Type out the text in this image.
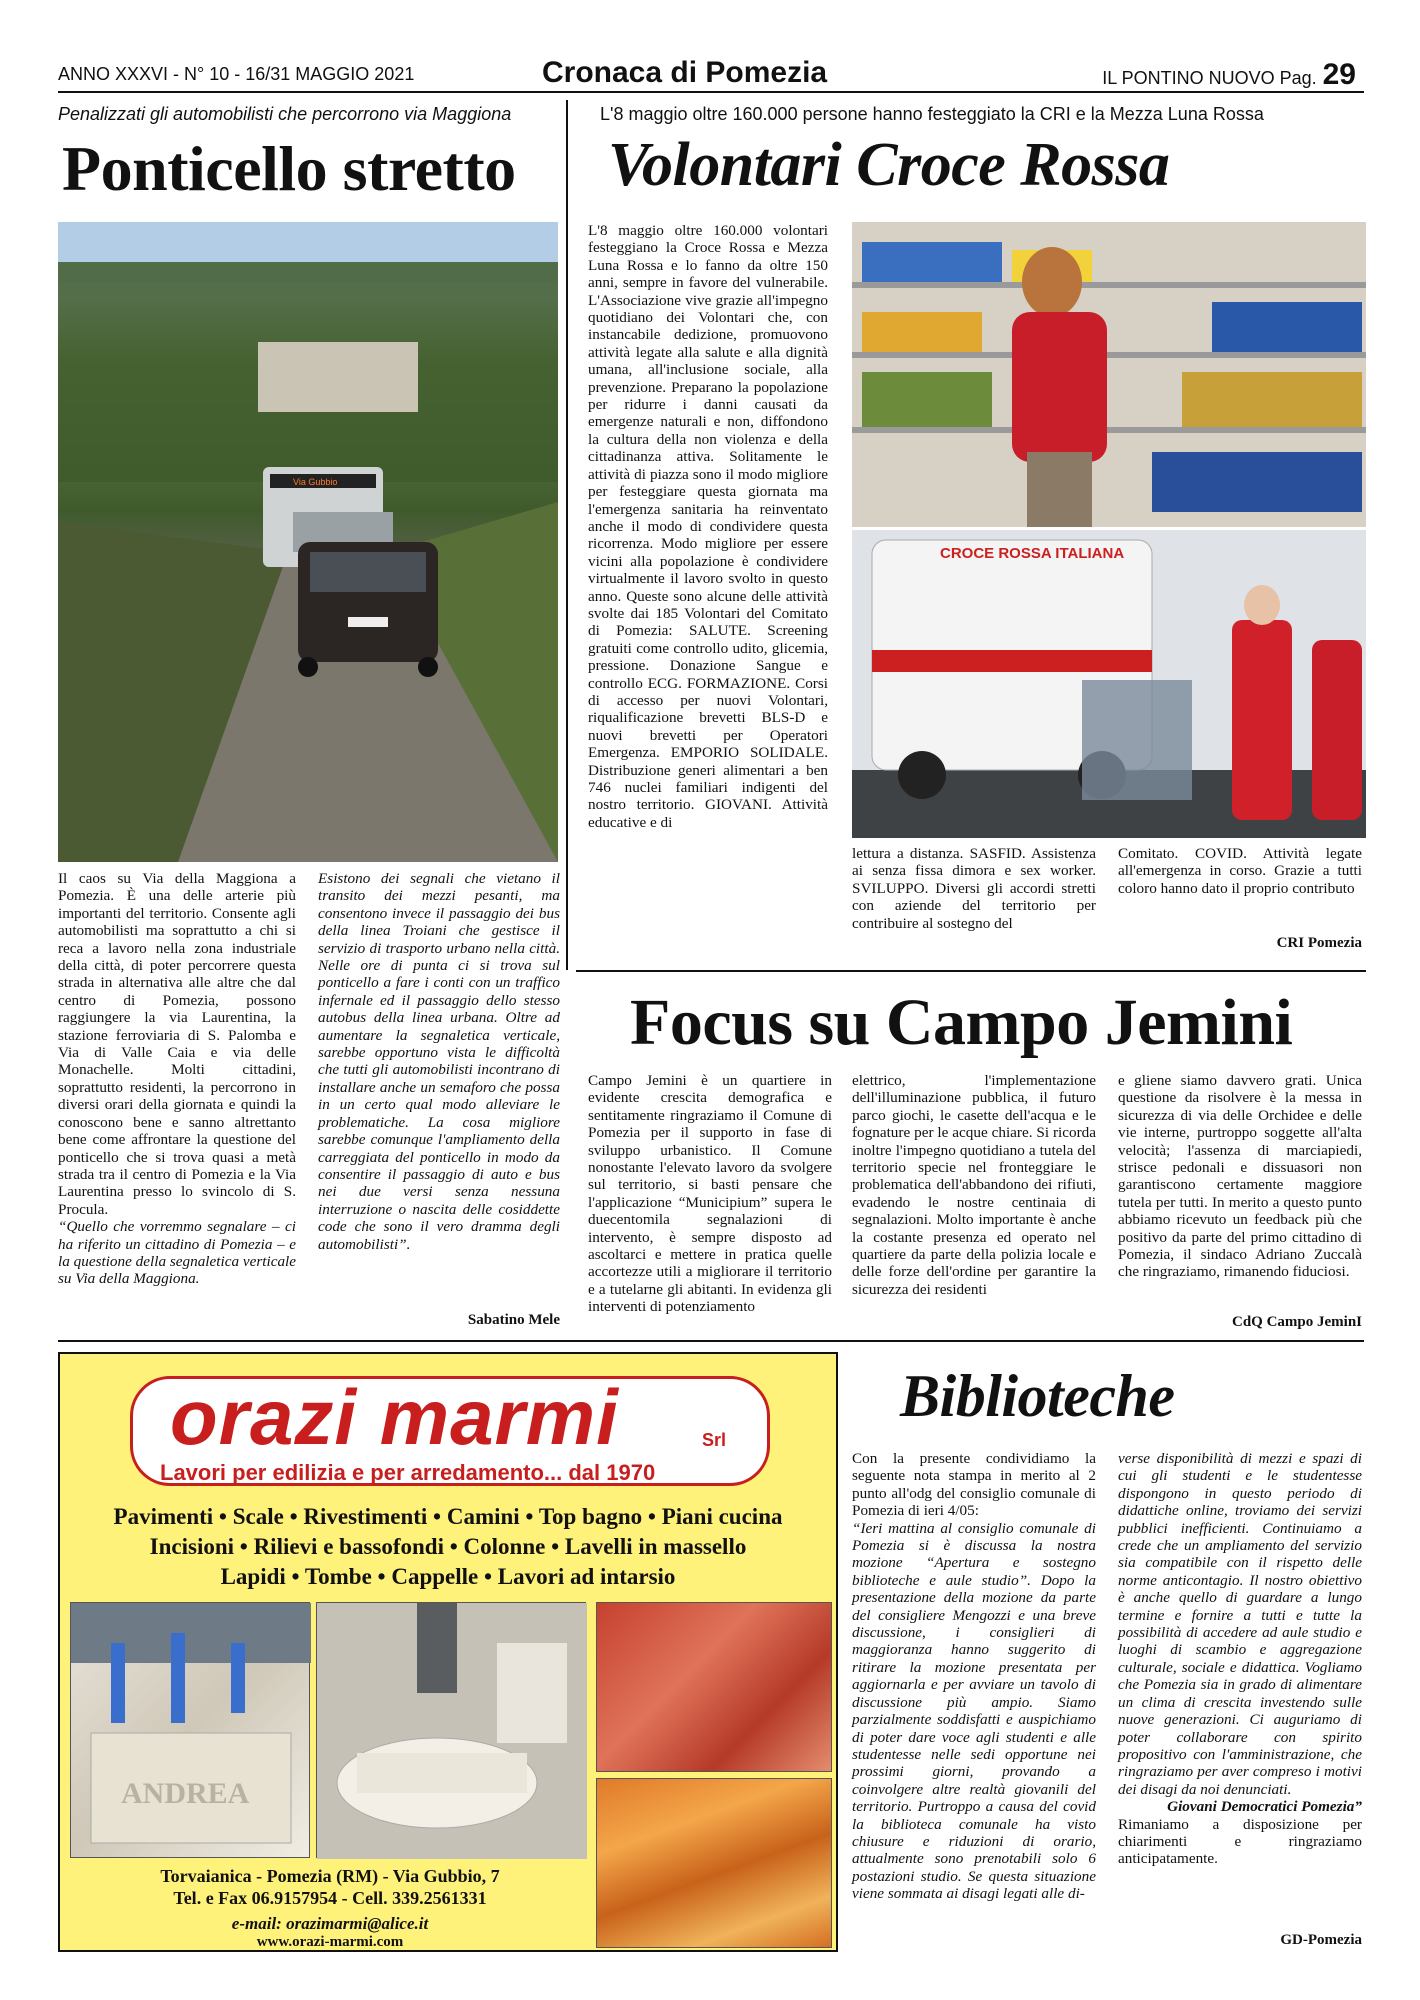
ANNO XXXVI - N° 10 - 16/31 MAGGIO 2021	Cronaca di Pomezia	IL PONTINO NUOVO Pag. 29
Penalizzati gli automobilisti che percorrono via Maggiona
Ponticello stretto
Via Gubbio

Il caos su Via della Maggiona a Pomezia. È una delle arterie più importanti del territorio. Consente agli automobilisti ma soprattutto a chi si reca a lavoro nella zona industriale della città, di poter percorrere questa strada in alternativa alle altre che dal centro di Pomezia, possono raggiungere la via Laurentina, la stazione ferroviaria di S. Palomba e Via di Valle Caia e via delle Monachelle. Molti cittadini, soprattutto residenti, la percorrono in diversi orari della giornata e quindi la conoscono bene e sanno altrettanto bene come affrontare la questione del ponticello che si trova quasi a metà strada tra il centro di Pomezia e la Via Laurentina presso lo svincolo di S. Procula.

“Quello che vorremmo segnalare – ci ha riferito un cittadino di Pomezia – e la questione della segnaletica verticale su Via della Maggiona.

Esistono dei segnali che vietano il transito dei mezzi pesanti, ma consentono invece il passaggio dei bus della linea Troiani che gestisce il servizio di trasporto urbano nella città. Nelle ore di punta ci si trova sul ponticello a fare i conti con un traffico infernale ed il passaggio dello stesso autobus della linea urbana. Oltre ad aumentare la segnaletica verticale, sarebbe opportuno vista le difficoltà che tutti gli automobilisti incontrano di installare anche un semaforo che possa in un certo qual modo alleviare le problematiche. La cosa migliore sarebbe comunque l'ampliamento della carreggiata del ponticello in modo da consentire il passaggio di auto e bus nei due versi senza nessuna interruzione o nascita delle cosiddette code che sono il vero dramma degli automobilisti”.

Sabatino Mele
L'8 maggio oltre 160.000 persone hanno festeggiato la CRI e la Mezza Luna Rossa
Volontari Croce Rossa

L'8 maggio oltre 160.000 volontari festeggiano la Croce Rossa e Mezza Luna Rossa e lo fanno da oltre 150 anni, sempre in favore del vulnerabile. L'Associazione vive grazie all'impegno quotidiano dei Volontari che, con instancabile dedizione, promuovono attività legate alla salute e alla dignità umana, all'inclusione sociale, alla prevenzione. Preparano la popolazione per ridurre i danni causati da emergenze naturali e non, diffondono la cultura della non violenza e della cittadinanza attiva. Solitamente le attività di piazza sono il modo migliore per festeggiare questa giornata ma l'emergenza sanitaria ha reinventato anche il modo di condividere questa ricorrenza. Modo migliore per essere vicini alla popolazione è condividere virtualmente il lavoro svolto in questo anno. Queste sono alcune delle attività svolte dai 185 Volontari del Comitato di Pomezia: SALUTE. Screening gratuiti come controllo udito, glicemia, pressione. Donazione Sangue e controllo ECG. FORMAZIONE. Corsi di accesso per nuovi Volontari, riqualificazione brevetti BLS-D e nuovi brevetti per Operatori Emergenza. EMPORIO SOLIDALE. Distribuzione generi alimentari a ben 746 nuclei familiari indigenti del nostro territorio. GIOVANI. Attività educative e di

CROCE ROSSA ITALIANA

lettura a distanza. SASFID. Assistenza ai senza fissa dimora e sex worker. SVILUPPO. Diversi gli accordi stretti con aziende del territorio per contribuire al sostegno del

Comitato. COVID. Attività legate all'emergenza in corso. Grazie a tutti coloro hanno dato il proprio contributo

CRI Pomezia
Focus su Campo Jemini

Campo Jemini è un quartiere in evidente crescita demografica e sentitamente ringraziamo il Comune di Pomezia per il supporto in fase di sviluppo urbanistico. Il Comune nonostante l'elevato lavoro da svolgere sul territorio, si basti pensare che l'applicazione “Municipium” supera le duecentomila segnalazioni di intervento, è sempre disposto ad ascoltarci e mettere in pratica quelle accortezze utili a migliorare il territorio e a tutelarne gli abitanti. In evidenza gli interventi di potenziamento

elettrico, l'implementazione dell'illuminazione pubblica, il futuro parco giochi, le casette dell'acqua e le fognature per le acque chiare. Si ricorda inoltre l'impegno quotidiano a tutela del territorio specie nel fronteggiare le problematica dell'abbandono dei rifiuti, evadendo le nostre centinaia di segnalazioni. Molto importante è anche la costante presenza ed operato nel quartiere da parte della polizia locale e delle forze dell'ordine per garantire la sicurezza dei residenti

e gliene siamo davvero grati. Unica questione da risolvere è la messa in sicurezza di via delle Orchidee e delle vie interne, purtroppo soggette all'alta velocità; l'assenza di marciapiedi, strisce pedonali e dissuasori non garantiscono certamente maggiore tutela per tutti. In merito a questo punto abbiamo ricevuto un feedback più che positivo da parte del primo cittadino di Pomezia, il sindaco Adriano Zuccalà che ringraziamo, rimanendo fiduciosi.

CdQ Campo JeminI
orazi marmi	Srl
Lavori per edilizia e per arredamento... dal 1970
Pavimenti • Scale • Rivestimenti • Camini • Top bagno • Piani cucina
Incisioni • Rilievi e bassofondi • Colonne • Lavelli in massello
Lapidi • Tombe • Cappelle • Lavori ad intarsio
ANDREA
Torvaianica - Pomezia (RM) - Via Gubbio, 7
Tel. e Fax 06.9157954 - Cell. 339.2561331
e-mail: orazimarmi@alice.it
www.orazi-marmi.com
Biblioteche

Con la presente condividiamo la seguente nota stampa in merito al 2 punto all'odg del consiglio comunale di Pomezia di ieri 4/05:

“Ieri mattina al consiglio comunale di Pomezia si è discussa la nostra mozione “Apertura e sostegno biblioteche e aule studio”. Dopo la presentazione della mozione da parte del consigliere Mengozzi e una breve discussione, i consiglieri di maggioranza hanno suggerito di ritirare la mozione presentata per aggiornarla e per avviare un tavolo di discussione più ampio. Siamo parzialmente soddisfatti e auspichiamo di poter dare voce agli studenti e alle studentesse nelle sedi opportune nei prossimi giorni, provando a coinvolgere altre realtà giovanili del territorio. Purtroppo a causa del covid la biblioteca comunale ha visto chiusure e riduzioni di orario, attualmente sono prenotabili solo 6 postazioni studio. Se questa situazione viene sommata ai disagi legati alle di-

verse disponibilità di mezzi e spazi di cui gli studenti e le studentesse dispongono in questo periodo di didattiche online, troviamo dei servizi pubblici inefficienti. Continuiamo a crede che un ampliamento del servizio sia compatibile con il rispetto delle norme anticontagio. Il nostro obiettivo è anche quello di guardare a lungo termine e fornire a tutti e tutte la possibilità di accedere ad aule studio e luoghi di scambio e aggregazione culturale, sociale e didattica. Vogliamo che Pomezia sia in grado di alimentare un clima di crescita investendo sulle nuove generazioni. Ci auguriamo di poter collaborare con spirito propositivo con l'amministrazione, che ringraziamo per aver compreso i motivi dei disagi da noi denunciati.

Giovani Democratici Pomezia”

Rimaniamo a disposizione per chiarimenti e ringraziamo anticipatamente.

GD-Pomezia
